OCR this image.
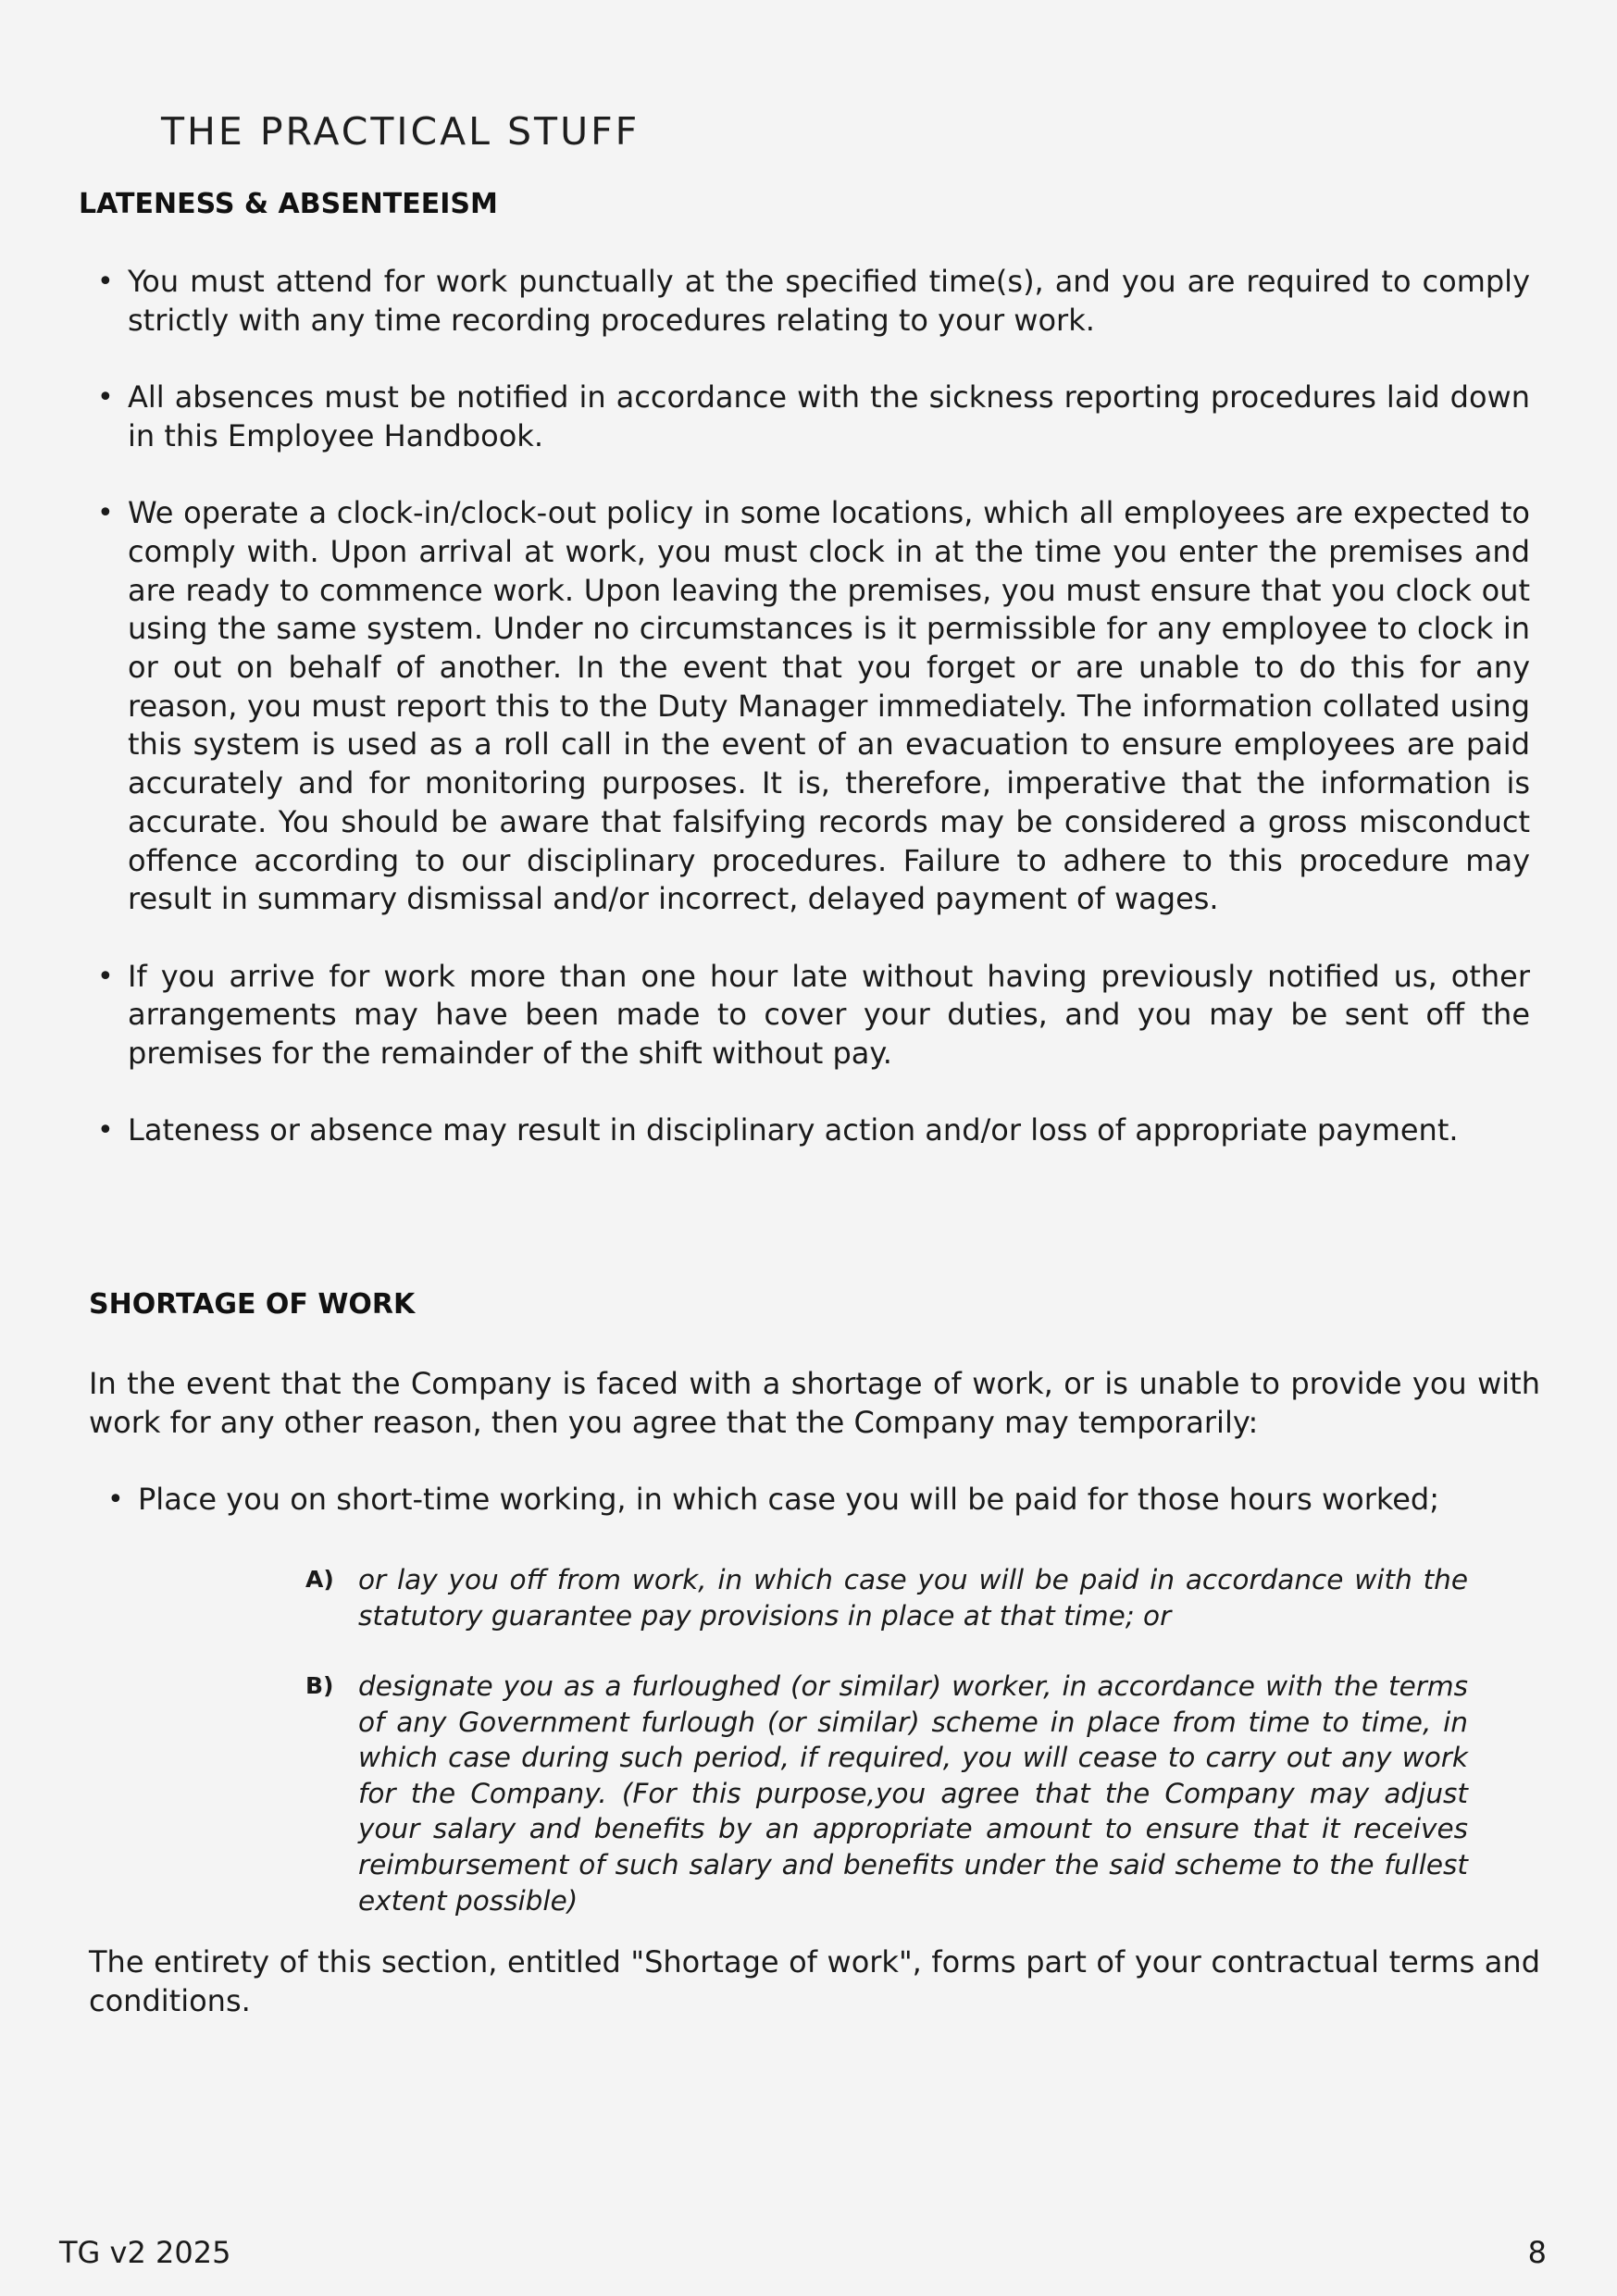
THE PRACTICAL STUFF
LATENESS & ABSENTEEISM
• You must attend for work punctually at the specified time(s), and you are required to comply strictly with any time recording procedures relating to your work.
• All absences must be notified in accordance with the sickness reporting procedures laid down in this Employee Handbook.
• We operate a clock-in/clock-out policy in some locations, which all employees are expected to comply with. Upon arrival at work, you must clock in at the time you enter the premises and are ready to commence work. Upon leaving the premises, you must ensure that you clock out using the same system. Under no circumstances is it permissible for any employee to clock in or out on behalf of another. In the event that you forget or are unable to do this for any reason, you must report this to the Duty Manager immediately. The information collated using this system is used as a roll call in the event of an evacuation to ensure employees are paid accurately and for monitoring purposes. It is, therefore, imperative that the information is accurate. You should be aware that falsifying records may be considered a gross misconduct offence according to our disciplinary procedures. Failure to adhere to this procedure may result in summary dismissal and/or incorrect, delayed payment of wages.
• If you arrive for work more than one hour late without having previously notified us, other arrangements may have been made to cover your duties, and you may be sent off the premises for the remainder of the shift without pay.
• Lateness or absence may result in disciplinary action and/or loss of appropriate payment.
SHORTAGE OF WORK

In the event that the Company is faced with a shortage of work, or is unable to provide you with work for any other reason, then you agree that the Company may temporarily:

• Place you on short-time working, in which case you will be paid for those hours worked;
A) or lay you off from work, in which case you will be paid in accordance with the statutory guarantee pay provisions in place at that time; or
B) designate you as a furloughed (or similar) worker, in accordance with the terms of any Government furlough (or similar) scheme in place from time to time, in which case during such period, if required, you will cease to carry out any work for the Company. (For this purpose,you agree that the Company may adjust your salary and benefits by an appropriate amount to ensure that it receives reimbursement of such salary and benefits under the said scheme to the fullest extent possible)

The entirety of this section, entitled "Shortage of work", forms part of your contractual terms and conditions.

TG v2 2025	8
